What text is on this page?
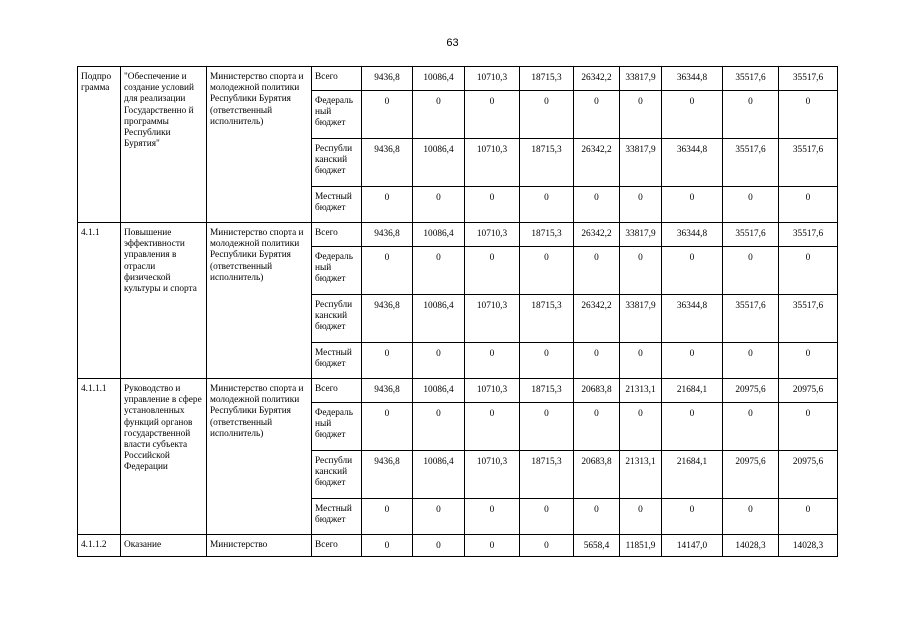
63
Подпро грамма	"Обеспечение и создание условий для реализации Государственно й программы Республики Бурятия"	Министерство спорта и молодежной политики Республики Бурятия (ответственный исполнитель)	Всего	9436,8	10086,4	10710,3	18715,3	26342,2	33817,9	36344,8	35517,6	35517,6
			Федераль ный бюджет	0	0	0	0	0	0	0	0	0
			Республи канский бюджет	9436,8	10086,4	10710,3	18715,3	26342,2	33817,9	36344,8	35517,6	35517,6
			Местный бюджет	0	0	0	0	0	0	0	0	0
4.1.1	Повышение эффективности управления в отрасли физической культуры и спорта	Министерство спорта и молодежной политики Республики Бурятия (ответственный исполнитель)	Всего	9436,8	10086,4	10710,3	18715,3	26342,2	33817,9	36344,8	35517,6	35517,6
			Федераль ный бюджет	0	0	0	0	0	0	0	0	0
			Республи канский бюджет	9436,8	10086,4	10710,3	18715,3	26342,2	33817,9	36344,8	35517,6	35517,6
			Местный бюджет	0	0	0	0	0	0	0	0	0
4.1.1.1	Руководство и управление в сфере установленных функций органов государственной власти субъекта Российской Федерации	Министерство спорта и молодежной политики Республики Бурятия (ответственный исполнитель)	Всего	9436,8	10086,4	10710,3	18715,3	20683,8	21313,1	21684,1	20975,6	20975,6
			Федераль ный бюджет	0	0	0	0	0	0	0	0	0
			Республи канский бюджет	9436,8	10086,4	10710,3	18715,3	20683,8	21313,1	21684,1	20975,6	20975,6
			Местный бюджет	0	0	0	0	0	0	0	0	0
4.1.1.2	Оказание	Министерство	Всего	0	0	0	0	5658,4	11851,9	14147,0	14028,3	14028,3
